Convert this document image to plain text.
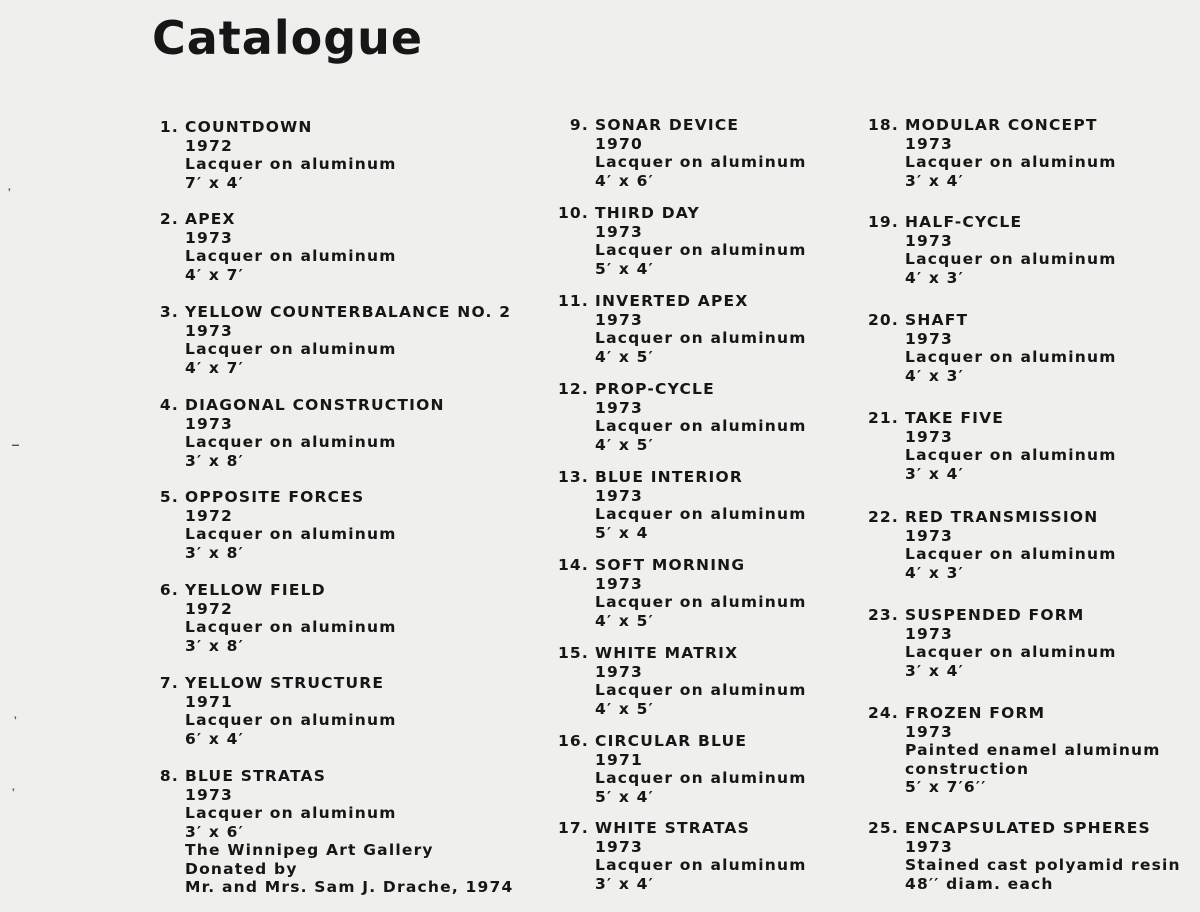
Catalogue
1. COUNTDOWN
1972
Lacquer on aluminum
7′ x 4′
2. APEX
1973
Lacquer on aluminum
4′ x 7′
3. YELLOW COUNTERBALANCE NO. 2
1973
Lacquer on aluminum
4′ x 7′
4. DIAGONAL CONSTRUCTION
1973
Lacquer on aluminum
3′ x 8′
5. OPPOSITE FORCES
1972
Lacquer on aluminum
3′ x 8′
6. YELLOW FIELD
1972
Lacquer on aluminum
3′ x 8′
7. YELLOW STRUCTURE
1971
Lacquer on aluminum
6′ x 4′
8. BLUE STRATAS
1973
Lacquer on aluminum
3′ x 6′
The Winnipeg Art Gallery
Donated by
Mr. and Mrs. Sam J. Drache, 1974
9. SONAR DEVICE
1970
Lacquer on aluminum
4′ x 6′
10. THIRD DAY
1973
Lacquer on aluminum
5′ x 4′
11. INVERTED APEX
1973
Lacquer on aluminum
4′ x 5′
12. PROP-CYCLE
1973
Lacquer on aluminum
4′ x 5′
13. BLUE INTERIOR
1973
Lacquer on aluminum
5′ x 4
14. SOFT MORNING
1973
Lacquer on aluminum
4′ x 5′
15. WHITE MATRIX
1973
Lacquer on aluminum
4′ x 5′
16. CIRCULAR BLUE
1971
Lacquer on aluminum
5′ x 4′
17. WHITE STRATAS
1973
Lacquer on aluminum
3′ x 4′
18. MODULAR CONCEPT
1973
Lacquer on aluminum
3′ x 4′
19. HALF-CYCLE
1973
Lacquer on aluminum
4′ x 3′
20. SHAFT
1973
Lacquer on aluminum
4′ x 3′
21. TAKE FIVE
1973
Lacquer on aluminum
3′ x 4′
22. RED TRANSMISSION
1973
Lacquer on aluminum
4′ x 3′
23. SUSPENDED FORM
1973
Lacquer on aluminum
3′ x 4′
24. FROZEN FORM
1973
Painted enamel aluminum construction
5′ x 7′6′′
25. ENCAPSULATED SPHERES
1973
Stained cast polyamid resin
48′′ diam. each
❜
▔
❜
❜
